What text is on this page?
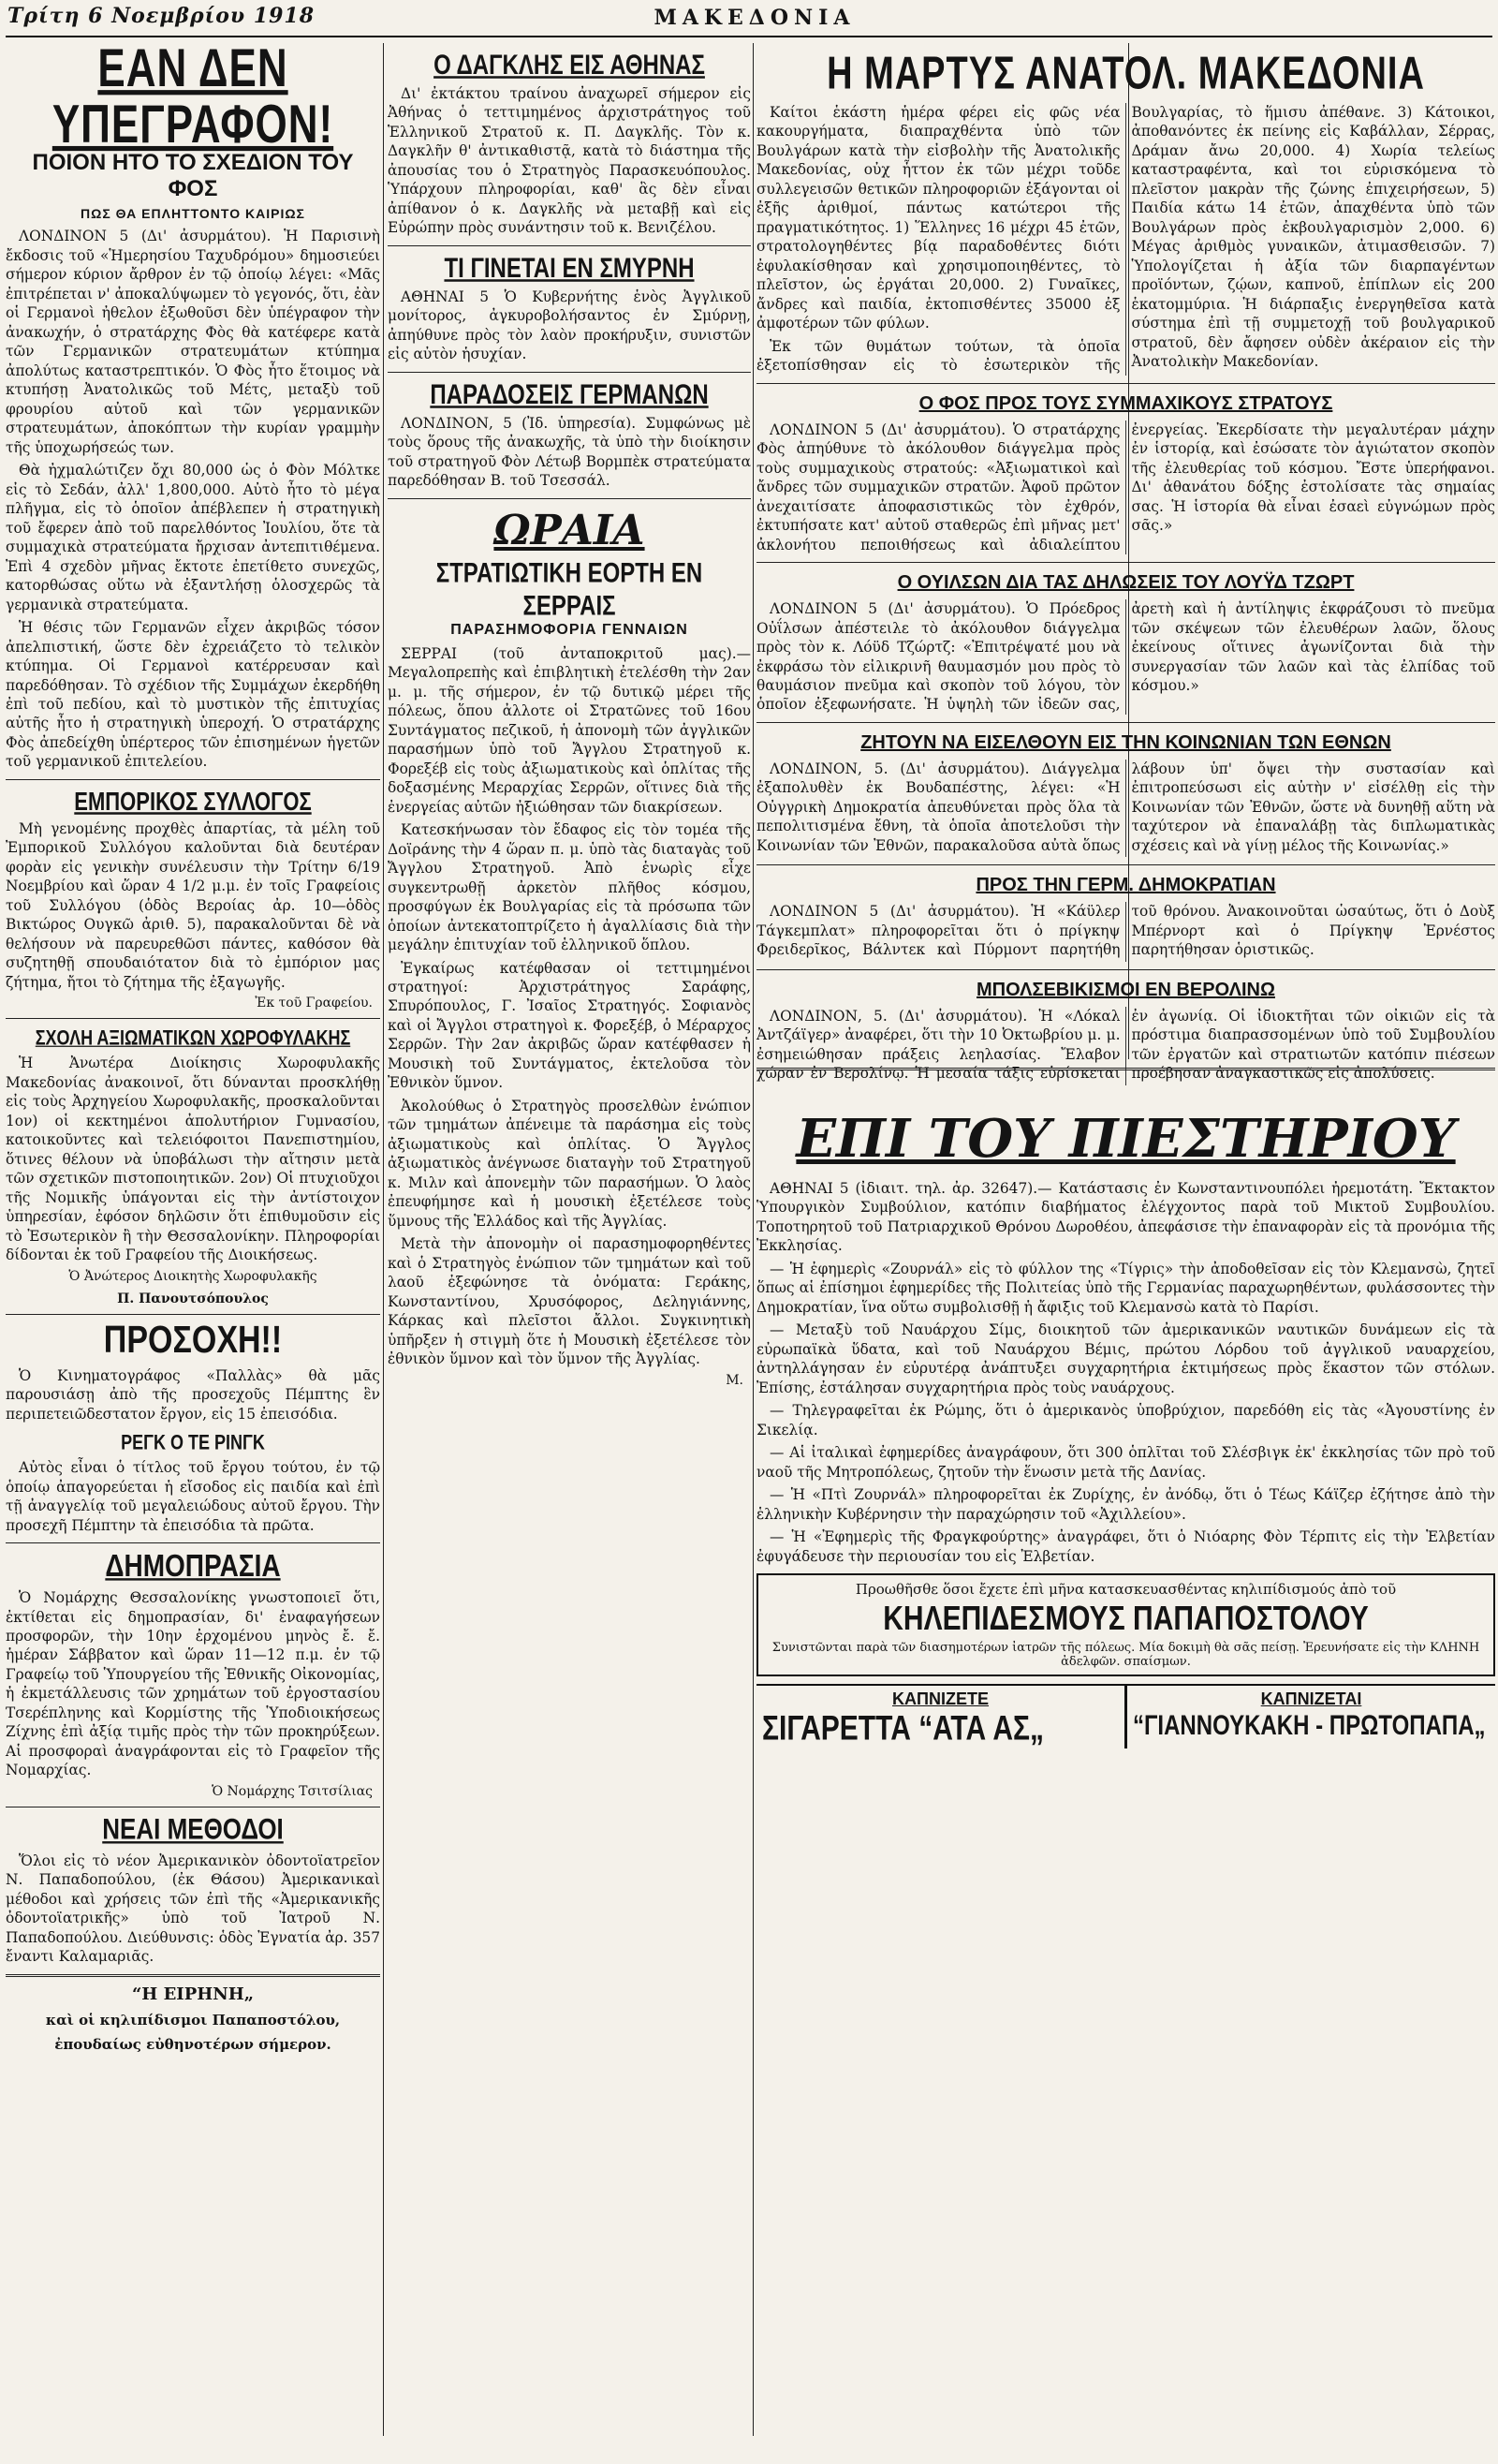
Τρίτη 6 Νοεμβρίου 1918	ΜΑΚΕΔΟΝΙΑ
ΕΑΝ ΔΕΝ ΥΠΕΓΡΑΦΟΝ!
ΠΟΙΟΝ ΗΤΟ ΤΟ ΣΧΕΔΙΟΝ ΤΟΥ ΦΟΣ
ΠΩΣ ΘΑ ΕΠΛΗΤΤΟΝΤΟ ΚΑΙΡΙΩΣ

ΛΟΝΔΙΝΟΝ 5 (Δι' ἀσυρμάτου). Ἡ Παρισινὴ ἔκδοσις τοῦ «Ἡμερησίου Ταχυδρόμου» δημοσιεύει σήμερον κύριον ἄρθρον ἐν τῷ ὁποίῳ λέγει: «Μᾶς ἐπιτρέπεται ν' ἀποκαλύψωμεν τὸ γεγονός, ὅτι, ἐὰν οἱ Γερμανοὶ ἠθελον ἐξωθοῦσι δὲν ὑπέγραφον τὴν ἀνακωχήν, ὁ στρατάρχης Φὸς θὰ κατέφερε κατὰ τῶν Γερμανικῶν στρατευμάτων κτύπημα ἀπολύτως καταστρεπτικόν. Ὁ Φὸς ἦτο ἕτοιμος νὰ κτυπήσῃ Ἀνατολικῶς τοῦ Μέτς, μεταξὺ τοῦ φρουρίου αὐτοῦ καὶ τῶν γερμανικῶν στρατευμάτων, ἀποκόπτων τὴν κυρίαν γραμμὴν τῆς ὑποχωρήσεώς των.

Θὰ ἠχμαλώτιζεν ὄχι 80,000 ὡς ὁ Φὸν Μόλτκε εἰς τὸ Σεδάν, ἀλλ' 1,800,000. Αὐτὸ ἦτο τὸ μέγα πλῆγμα, εἰς τὸ ὁποῖον ἀπέβλεπεν ἡ στρατηγικὴ τοῦ ἔφερεν ἀπὸ τοῦ παρελθόντος Ἰουλίου, ὅτε τὰ συμμαχικὰ στρατεύματα ἤρχισαν ἀντεπιτιθέμενα. Ἐπὶ 4 σχεδὸν μῆνας ἔκτοτε ἐπετίθετο συνεχῶς, κατορθώσας οὕτω νὰ ἐξαντλήσῃ ὁλοσχερῶς τὰ γερμανικὰ στρατεύματα.

Ἡ θέσις τῶν Γερμανῶν εἶχεν ἀκριβῶς τόσον ἀπελπιστική, ὥστε δὲν ἐχρειάζετο τὸ τελικὸν κτύπημα. Οἱ Γερμανοὶ κατέρρευσαν καὶ παρεδόθησαν. Τὸ σχέδιον τῆς Συμμάχων ἐκερδήθη ἐπὶ τοῦ πεδίου, καὶ τὸ μυστικὸν τῆς ἐπιτυχίας αὐτῆς ἦτο ἡ στρατηγικὴ ὑπεροχή. Ὁ στρατάρχης Φὸς ἀπεδείχθη ὑπέρτερος τῶν ἐπισημένων ἡγετῶν τοῦ γερμανικοῦ ἐπιτελείου.

ΕΜΠΟΡΙΚΟΣ ΣΥΛΛΟΓΟΣ

Μὴ γενομένης προχθὲς ἀπαρτίας, τὰ μέλη τοῦ Ἐμπορικοῦ Συλλόγου καλοῦνται διὰ δευτέραν φορὰν εἰς γενικὴν συνέλευσιν τὴν Τρίτην 6/19 Νοεμβρίου καὶ ὥραν 4 1/2 μ.μ. ἐν τοῖς Γραφείοις τοῦ Συλλόγου (ὁδὸς Βεροίας ἀρ. 10—ὁδὸς Βικτώρος Ουγκῶ ἀριθ. 5), παρακαλοῦνται δὲ νὰ θελήσουν νὰ παρευρεθῶσι πάντες, καθόσον θὰ συζητηθῇ σπουδαιότατον διὰ τὸ ἐμπόριον μας ζήτημα, ἤτοι τὸ ζήτημα τῆς ἐξαγωγῆς.

Ἐκ τοῦ Γραφείου.
ΣΧΟΛΗ ΑΞΙΩΜΑΤΙΚΩΝ ΧΩΡΟΦΥΛΑΚΗΣ

Ἡ Ἀνωτέρα Διοίκησις Χωροφυλακῆς Μακεδονίας ἀνακοινοῖ, ὅτι δύνανται προσκλήθῃ εἰς τοὺς Ἀρχηγείου Χωροφυλακῆς, προσκαλοῦνται 1ον) οἱ κεκτημένοι ἀπολυτήριον Γυμνασίου, κατοικοῦντες καὶ τελειόφοιτοι Πανεπιστημίου, ὅτινες θέλουν νὰ ὑποβάλωσι τὴν αἴτησιν μετὰ τῶν σχετικῶν πιστοποιητικῶν. 2ον) Οἱ πτυχιοῦχοι τῆς Νομικῆς ὑπάγονται εἰς τὴν ἀντίστοιχον ὑπηρεσίαν, ἐφόσον δηλῶσιν ὅτι ἐπιθυμοῦσιν εἰς τὸ Ἐσωτερικὸν ἢ τὴν Θεσσαλονίκην. Πληροφορίαι δίδονται ἐκ τοῦ Γραφείου τῆς Διοικήσεως.

Ὁ Ἀνώτερος Διοικητὴς Χωροφυλακῆς
Π. Πανουτσόπουλος
ΠΡΟΣΟΧΗ!!

Ὁ Κινηματογράφος «Παλλὰς» θὰ μᾶς παρουσιάσῃ ἀπὸ τῆς προσεχοῦς Πέμπτης ἓν περιπετειῶδεστατον ἔργον, εἰς 15 ἐπεισόδια.

ΡΕΓΚ Ο ΤΕ ΡΙΝΓΚ

Αὐτὸς εἶναι ὁ τίτλος τοῦ ἔργου τούτου, ἐν τῷ ὁποίῳ ἀπαγορεύεται ἡ εἴσοδος εἰς παιδία καὶ ἐπὶ τῇ ἀναγγελίᾳ τοῦ μεγαλειώδους αὐτοῦ ἔργου. Τὴν προσεχῆ Πέμπτην τὰ ἐπεισόδια τὰ πρῶτα.

ΔΗΜΟΠΡΑΣΙΑ

Ὁ Νομάρχης Θεσσαλονίκης γνωστοποιεῖ ὅτι, ἐκτίθεται εἰς δημοπρασίαν, δι' ἐναφαγήσεων προσφορῶν, τὴν 10ην ἐρχομένου μηνὸς ἔ. ἔ. ἡμέραν Σάββατον καὶ ὥραν 11—12 π.μ. ἐν τῷ Γραφείῳ τοῦ Ὑπουργείου τῆς Ἐθνικῆς Οἰκονομίας, ἡ ἐκμετάλλευσις τῶν χρημάτων τοῦ ἐργοστασίου Τσερέπληνης καὶ Κορμίστης τῆς Ὑποδιοικήσεως Ζίχνης ἐπὶ ἀξίᾳ τιμῆς πρὸς τὴν τῶν προκηρύξεων. Αἱ προσφοραὶ ἀναγράφονται εἰς τὸ Γραφεῖον τῆς Νομαρχίας.

Ὁ Νομάρχης Τσιτσίλιας
ΝΕΑΙ ΜΕΘΟΔΟΙ

Ὅλοι εἰς τὸ νέον Ἀμερικανικὸν ὀδοντοϊατρεῖον Ν. Παπαδοπούλου, (ἐκ Θάσου) Ἀμερικανικαὶ μέθοδοι καὶ χρήσεις τῶν ἐπὶ τῆς «Ἀμερικανικῆς ὀδοντοϊατρικῆς» ὑπὸ τοῦ Ἰατροῦ Ν. Παπαδοπούλου. Διεύθυνσις: ὁδὸς Ἐγνατία ἀρ. 357 ἔναντι Καλαμαριᾶς.

“Η ΕΙΡΗΝΗ„
καὶ οἱ κηλιπίδισμοι Παπαποστόλου,
ἐπουδαίως εὐθηνοτέρων σήμερον.
Ο ΔΑΓΚΛΗΣ ΕΙΣ ΑΘΗΝΑΣ

Δι' ἐκτάκτου τραίνου ἀναχωρεῖ σήμερον εἰς Ἀθήνας ὁ τεττιμημένος ἀρχιστράτηγος τοῦ Ἑλληνικοῦ Στρατοῦ κ. Π. Δαγκλῆς. Τὸν κ. Δαγκλῆν θ' ἀντικαθιστᾷ, κατὰ τὸ διάστημα τῆς ἀπουσίας του ὁ Στρατηγὸς Παρασκευόπουλος. Ὑπάρχουν πληροφορίαι, καθ' ἃς δὲν εἶναι ἀπίθανον ὁ κ. Δαγκλῆς νὰ μεταβῇ καὶ εἰς Εὐρώπην πρὸς συνάντησιν τοῦ κ. Βενιζέλου.

ΤΙ ΓΙΝΕΤΑΙ ΕΝ ΣΜΥΡΝΗ

ΑΘΗΝΑΙ 5 Ὁ Κυβερνήτης ἑνὸς Ἀγγλικοῦ μονίτορος, ἀγκυροβολήσαντος ἐν Σμύρνῃ, ἀπηύθυνε πρὸς τὸν λαὸν προκήρυξιν, συνιστῶν εἰς αὐτὸν ἡσυχίαν.

ΠΑΡΑΔΟΣΕΙΣ ΓΕΡΜΑΝΩΝ

ΛΟΝΔΙΝΟΝ, 5 (Ἰδ. ὑπηρεσία). Συμφώνως μὲ τοὺς ὅρους τῆς ἀνακωχῆς, τὰ ὑπὸ τὴν διοίκησιν τοῦ στρατηγοῦ Φὸν Λέτωβ Βορμπὲκ στρατεύματα παρεδόθησαν Β. τοῦ Τσεσσάλ.

ΩΡΑΙΑ
ΣΤΡΑΤΙΩΤΙΚΗ ΕΟΡΤΗ ΕΝ ΣΕΡΡΑΙΣ
ΠΑΡΑΣΗΜΟΦΟΡΙΑ ΓΕΝΝΑΙΩΝ

ΣΕΡΡΑΙ (τοῦ ἀνταποκριτοῦ μας).— Μεγαλοπρεπὴς καὶ ἐπιβλητικὴ ἐτελέσθη τὴν 2αν μ. μ. τῆς σήμερον, ἐν τῷ δυτικῷ μέρει τῆς πόλεως, ὅπου ἀλλοτε οἱ Στρατῶνες τοῦ 16ου Συντάγματος πεζικοῦ, ἡ ἀπονομὴ τῶν ἀγγλικῶν παρασήμων ὑπὸ τοῦ Ἄγγλου Στρατηγοῦ κ. Φορεξέβ εἰς τοὺς ἀξιωματικοὺς καὶ ὁπλίτας τῆς δοξασμένης Μεραρχίας Σερρῶν, οἵτινες διὰ τῆς ἐνεργείας αὐτῶν ἠξιώθησαν τῶν διακρίσεων.

Κατεσκήνωσαν τὸν ἔδαφος εἰς τὸν τομέα τῆς Δοϊράνης τὴν 4 ὥραν π. μ. ὑπὸ τὰς διαταγὰς τοῦ Ἄγγλου Στρατηγοῦ. Ἀπὸ ἑνωρὶς εἶχε συγκεντρωθῇ ἀρκετὸν πλῆθος κόσμου, προσφύγων ἐκ Βουλγαρίας εἰς τὰ πρόσωπα τῶν ὁποίων ἀντεκατοπτρίζετο ἡ ἀγαλλίασις διὰ τὴν μεγάλην ἐπιτυχίαν τοῦ ἑλληνικοῦ ὅπλου.

Ἐγκαίρως κατέφθασαν οἱ τεττιμημένοι στρατηγοί: Ἀρχιστράτηγος Σαράφης, Σπυρόπουλος, Γ. Ἰσαῖος Στρατηγός. Σοφιανὸς καὶ οἱ Ἄγγλοι στρατηγοὶ κ. Φορεξέβ, ὁ Μέραρχος Σερρῶν. Τὴν 2αν ἀκριβῶς ὥραν κατέφθασεν ἡ Μουσικὴ τοῦ Συντάγματος, ἐκτελοῦσα τὸν Ἐθνικὸν ὕμνον.

Ἀκολούθως ὁ Στρατηγὸς προσελθὼν ἐνώπιον τῶν τμημάτων ἀπένειμε τὰ παράσημα εἰς τοὺς ἀξιωματικοὺς καὶ ὁπλίτας. Ὁ Ἄγγλος ἀξιωματικὸς ἀνέγνωσε διαταγὴν τοῦ Στρατηγοῦ κ. Μιλν καὶ ἀπονεμὴν τῶν παρασήμων. Ὁ λαὸς ἐπευφήμησε καὶ ἡ μουσικὴ ἐξετέλεσε τοὺς ὕμνους τῆς Ἑλλάδος καὶ τῆς Ἀγγλίας.

Μετὰ τὴν ἀπονομὴν οἱ παρασημοφορηθέντες καὶ ὁ Στρατηγὸς ἐνώπιον τῶν τμημάτων καὶ τοῦ λαοῦ ἐξεφώνησε τὰ ὀνόματα: Γεράκης, Κωνσταντίνου, Χρυσόφορος, Δεληγιάννης, Κάρκας καὶ πλεῖστοι ἄλλοι. Συγκινητικὴ ὑπῆρξεν ἡ στιγμὴ ὅτε ἡ Μουσικὴ ἐξετέλεσε τὸν ἐθνικὸν ὕμνον καὶ τὸν ὕμνον τῆς Ἀγγλίας.

Μ.
Η ΜΑΡΤΥΣ ΑΝΑΤΟΛ. ΜΑΚΕΔΟΝΙΑ

Καίτοι ἑκάστη ἡμέρα φέρει εἰς φῶς νέα κακουργήματα, διαπραχθέντα ὑπὸ τῶν Βουλγάρων κατὰ τὴν εἰσβολὴν τῆς Ἀνατολικῆς Μακεδονίας, οὐχ ἧττον ἐκ τῶν μέχρι τοῦδε συλλεγεισῶν θετικῶν πληροφοριῶν ἐξάγονται οἱ ἐξῆς ἀριθμοί, πάντως κατώτεροι τῆς πραγματικότητος. 1) Ἕλληνες 16 μέχρι 45 ἐτῶν, στρατολογηθέντες βίᾳ παραδοθέντες διότι ἐφυλακίσθησαν καὶ χρησιμοποιηθέντες, τὸ πλεῖστον, ὡς ἐργάται 20,000. 2) Γυναῖκες, ἄνδρες καὶ παιδία, ἐκτοπισθέντες 35000 ἐξ ἀμφοτέρων τῶν φύλων.

Ἐκ τῶν θυμάτων τούτων, τὰ ὁποῖα ἐξετοπίσθησαν εἰς τὸ ἐσωτερικὸν τῆς Βουλγαρίας, τὸ ἥμισυ ἀπέθανε. 3) Κάτοικοι, ἀποθανόντες ἐκ πείνης εἰς Καβάλλαν, Σέρρας, Δράμαν ἄνω 20,000. 4) Χωρία τελείως καταστραφέντα, καὶ τοι εὑρισκόμενα τὸ πλεῖστον μακρὰν τῆς ζώνης ἐπιχειρήσεων, 5) Παιδία κάτω 14 ἐτῶν, ἀπαχθέντα ὑπὸ τῶν Βουλγάρων πρὸς ἐκβουλγαρισμὸν 2,000. 6) Μέγας ἀριθμὸς γυναικῶν, ἀτιμασθεισῶν. 7) Ὑπολογίζεται ἡ ἀξία τῶν διαρπαγέντων προϊόντων, ζῴων, καπνοῦ, ἐπίπλων εἰς 200 ἑκατομμύρια. Ἡ διάρπαξις ἐνεργηθεῖσα κατὰ σύστημα ἐπὶ τῇ συμμετοχῇ τοῦ βουλγαρικοῦ στρατοῦ, δὲν ἄφησεν οὐδὲν ἀκέραιον εἰς τὴν Ἀνατολικὴν Μακεδονίαν.

Ο ΦΟΣ ΠΡΟΣ ΤΟΥΣ ΣΥΜΜΑΧΙΚΟΥΣ ΣΤΡΑΤΟΥΣ

ΛΟΝΔΙΝΟΝ 5 (Δι' ἀσυρμάτου). Ὁ στρατάρχης Φὸς ἀπηύθυνε τὸ ἀκόλουθον διάγγελμα πρὸς τοὺς συμμαχικοὺς στρατούς: «Ἀξιωματικοὶ καὶ ἄνδρες τῶν συμμαχικῶν στρατῶν. Ἀφοῦ πρῶτον ἀνεχαιτίσατε ἀποφασιστικῶς τὸν ἐχθρόν, ἐκτυπήσατε κατ' αὐτοῦ σταθερῶς ἐπὶ μῆνας μετ' ἀκλονήτου πεποιθήσεως καὶ ἀδιαλείπτου ἐνεργείας. Ἐκερδίσατε τὴν μεγαλυτέραν μάχην ἐν ἱστορίᾳ, καὶ ἐσώσατε τὸν ἁγιώτατον σκοπὸν τῆς ἐλευθερίας τοῦ κόσμου. Ἔστε ὑπερήφανοι. Δι' ἀθανάτου δόξης ἐστολίσατε τὰς σημαίας σας. Ἡ ἱστορία θὰ εἶναι ἐσαεὶ εὐγνώμων πρὸς σᾶς.»

Ο ΟΥΙΛΣΩΝ ΔΙΑ ΤΑΣ ΔΗΛΩΣΕΙΣ ΤΟΥ ΛΟΥΫΔ ΤΖΩΡΤ

ΛΟΝΔΙΝΟΝ 5 (Δι' ἀσυρμάτου). Ὁ Πρόεδρος Οὐΐλσων ἀπέστειλε τὸ ἀκόλουθον διάγγελμα πρὸς τὸν κ. Λόϋδ Τζώρτζ: «Ἐπιτρέψατέ μου νὰ ἐκφράσω τὸν εἰλικρινῆ θαυμασμόν μου πρὸς τὸ θαυμάσιον πνεῦμα καὶ σκοπὸν τοῦ λόγου, τὸν ὁποῖον ἐξεφωνήσατε. Ἡ ὑψηλὴ τῶν ἰδεῶν σας, ἀρετὴ καὶ ἡ ἀντίληψις ἐκφράζουσι τὸ πνεῦμα τῶν σκέψεων τῶν ἐλευθέρων λαῶν, ὅλους ἐκείνους οἵτινες ἀγωνίζονται διὰ τὴν συνεργασίαν τῶν λαῶν καὶ τὰς ἐλπίδας τοῦ κόσμου.»

ΖΗΤΟΥΝ ΝΑ ΕΙΣΕΛΘΟΥΝ ΕΙΣ ΤΗΝ ΚΟΙΝΩΝΙΑΝ ΤΩΝ ΕΘΝΩΝ

ΛΟΝΔΙΝΟΝ, 5. (Δι' ἀσυρμάτου). Διάγγελμα ἐξαπολυθὲν ἐκ Βουδαπέστης, λέγει: «Ἡ Οὐγγρικὴ Δημοκρατία ἀπευθύνεται πρὸς ὅλα τὰ πεπολιτισμένα ἔθνη, τὰ ὁποῖα ἀποτελοῦσι τὴν Κοινωνίαν τῶν Ἐθνῶν, παρακαλοῦσα αὐτὰ ὅπως λάβουν ὑπ' ὄψει τὴν συστασίαν καὶ ἐπιτροπεύσωσι εἰς αὐτὴν ν' εἰσέλθῃ εἰς τὴν Κοινωνίαν τῶν Ἐθνῶν, ὥστε νὰ δυνηθῇ αὕτη νὰ ταχύτερον νὰ ἐπαναλάβῃ τὰς διπλωματικὰς σχέσεις καὶ νὰ γίνῃ μέλος τῆς Κοινωνίας.»

ΠΡΟΣ ΤΗΝ ΓΕΡΜ. ΔΗΜΟΚΡΑΤΙΑΝ

ΛΟΝΔΙΝΟΝ 5 (Δι' ἀσυρμάτου). Ἡ «Κάϋλερ Τάγκεμπλατ» πληροφορεῖται ὅτι ὁ πρίγκηψ Φρειδερῖκος, Βάλντεκ καὶ Πύρμοντ παρητήθη τοῦ θρόνου. Ἀνακοινοῦται ὡσαύτως, ὅτι ὁ Δοὺξ Μπέρνορτ καὶ ὁ Πρίγκηψ Ἐρνέστος παρητήθησαν ὁριστικῶς.

ΜΠΟΛΣΕΒΙΚΙΣΜΟΙ ΕΝ ΒΕΡΟΛΙΝΩ

ΛΟΝΔΙΝΟΝ, 5. (Δι' ἀσυρμάτου). Ἡ «Λόκαλ Ἀντζάϊγερ» ἀναφέρει, ὅτι τὴν 10 Ὀκτωβρίου μ. μ. ἐσημειώθησαν πράξεις λεηλασίας. Ἔλαβον χώραν ἐν Βερολίνῳ. Ἡ μεσαία τάξις εὑρίσκεται ἐν ἀγωνίᾳ. Οἱ ἰδιοκτῆται τῶν οἰκιῶν εἰς τὰ πρόστιμα διαπρασσομένων ὑπὸ τοῦ Συμβουλίου τῶν ἐργατῶν καὶ στρατιωτῶν κατόπιν πιέσεων προέβησαν ἀναγκαστικῶς εἰς ἀπολύσεις.

ΕΠΙ ΤΟΥ ΠΙΕΣΤΗΡΙΟΥ

ΑΘΗΝΑΙ 5 (ἰδιαιτ. τηλ. ἀρ. 32647).— Κατάστασις ἐν Κωνσταντινουπόλει ἠρεμοτάτη. Ἔκτακτον Ὑπουργικὸν Συμβούλιον, κατόπιν διαβήματος ἐλέγχοντος παρὰ τοῦ Μικτοῦ Συμβουλίου. Τοποτηρητοῦ τοῦ Πατριαρχικοῦ Θρόνου Δωροθέου, ἀπεφάσισε τὴν ἐπαναφορὰν εἰς τὰ προνόμια τῆς Ἐκκλησίας.

— Ἡ ἐφημερὶς «Ζουρνάλ» εἰς τὸ φύλλον της «Τίγρις» τὴν ἀποδοθεῖσαν εἰς τὸν Κλεμανσὼ, ζητεῖ ὅπως αἱ ἐπίσημοι ἐφημερίδες τῆς Πολιτείας ὑπὸ τῆς Γερμανίας παραχωρηθέντων, φυλάσσοντες τὴν Δημοκρατίαν, ἵνα οὕτω συμβολισθῇ ἡ ἄφιξις τοῦ Κλεμανσὼ κατὰ τὸ Παρίσι.

— Μεταξὺ τοῦ Ναυάρχου Σίμς, διοικητοῦ τῶν ἀμερικανικῶν ναυτικῶν δυνάμεων εἰς τὰ εὐρωπαϊκὰ ὕδατα, καὶ τοῦ Ναυάρχου Βέμις, πρώτου Λόρδου τοῦ ἀγγλικοῦ ναυαρχείου, ἀντηλλάγησαν ἐν εὐρυτέρᾳ ἀνάπτυξει συγχαρητήρια ἐκτιμήσεως πρὸς ἕκαστον τῶν στόλων. Ἐπίσης, ἐστάλησαν συγχαρητήρια πρὸς τοὺς ναυάρχους.

— Τηλεγραφεῖται ἐκ Ρώμης, ὅτι ὁ ἀμερικανὸς ὑποβρύχιον, παρεδόθη εἰς τὰς «Ἀγουστίνης ἐν Σικελίᾳ.

— Αἱ ἰταλικαὶ ἐφημερίδες ἀναγράφουν, ὅτι 300 ὁπλῖται τοῦ Σλέσβιγκ ἐκ' ἐκκλησίας τῶν πρὸ τοῦ ναοῦ τῆς Μητροπόλεως, ζητοῦν τὴν ἕνωσιν μετὰ τῆς Δανίας.

— Ἡ «Πτὶ Ζουρνάλ» πληροφορεῖται ἐκ Ζυρίχης, ἐν ἀνόδῳ, ὅτι ὁ Τέως Κάϊζερ ἐζήτησε ἀπὸ τὴν ἑλληνικὴν Κυβέρνησιν τὴν παραχώρησιν τοῦ «Ἀχιλλείου».

— Ἡ «Ἐφημερὶς τῆς Φραγκφούρτης» ἀναγράφει, ὅτι ὁ Νιόαρης Φὸν Τέρπιτς εἰς τὴν Ἑλβετίαν ἐφυγάδευσε τὴν περιουσίαν του εἰς Ἐλβετίαν.

Προωθῆσθε ὅσοι ἔχετε ἐπὶ μῆνα κατασκευασθέντας κηλιπίδισμούς ἀπὸ τοῦ
ΚΗΛΕΠΙΔΕΣΜΟΥΣ ΠΑΠΑΠΟΣΤΟΛΟΥ
Συνιστῶνται παρὰ τῶν διασημοτέρων ἰατρῶν τῆς πόλεως. Μία δοκιμὴ θὰ σᾶς πείσῃ. Ἐρευνήσατε εἰς τὴν ΚΛΗΝΗ ἀδελφῶν. σπαίσμων.
ΚΑΠΝΙΖΕΤΕ
ΣΙΓΑΡΕΤΤΑ “ΑΤΑ ΑΣ„
ΚΑΠΝΙΖΕΤΑΙ
“ΓΙΑΝΝΟΥΚΑΚΗ - ΠΡΩΤΟΠΑΠΑ„
